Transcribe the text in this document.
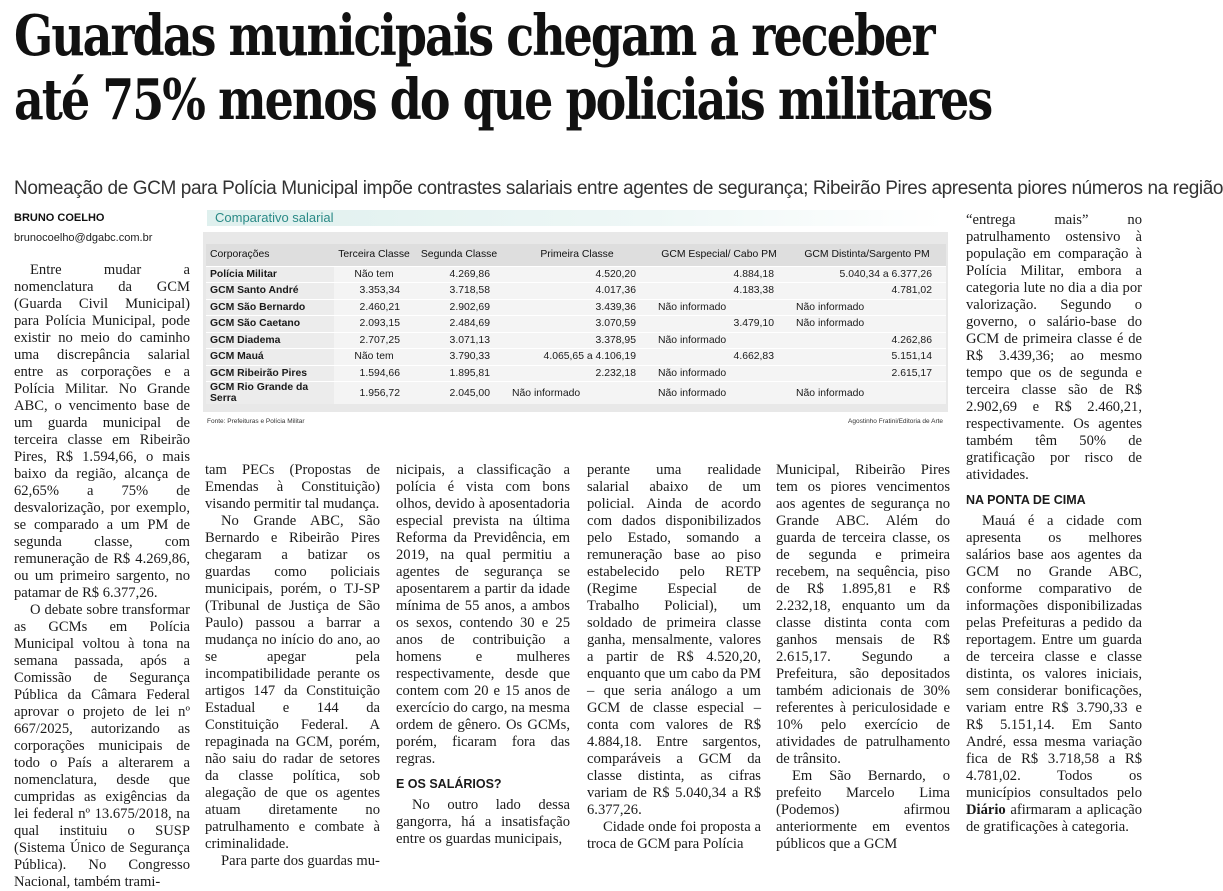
Guardas municipais chegam a receber
até 75% menos do que policiais militares
Nomeação de GCM para Polícia Municipal impõe contrastes salariais entre agentes de segurança; Ribeirão Pires apresenta piores números na região
BRUNO COELHO
brunocoelho@dgabc.com.br
Comparativo salarial
Corporações	Terceira Classe	Segunda Classe	Primeira Classe	GCM Especial/ Cabo PM	GCM Distinta/Sargento PM
Polícia Militar	Não tem	4.269,86	4.520,20	4.884,18	5.040,34 a 6.377,26
GCM Santo André	3.353,34	3.718,58	4.017,36	4.183,38	4.781,02
GCM São Bernardo	2.460,21	2.902,69	3.439,36	Não informado	Não informado
GCM São Caetano	2.093,15	2.484,69	3.070,59	3.479,10	Não informado
GCM Diadema	2.707,25	3.071,13	3.378,95	Não informado	4.262,86
GCM Mauá	Não tem	3.790,33	4.065,65 a 4.106,19	4.662,83	5.151,14
GCM Ribeirão Pires	1.594,66	1.895,81	2.232,18	Não informado	2.615,17
GCM Rio Grande da Serra	1.956,72	2.045,00	Não informado	Não informado	Não informado
Fonte: Prefeituras e Polícia Militar	Agostinho Fratini/Editoria de Arte

Entre mudar a nomenclatura da GCM (Guarda Civil Municipal) para Polícia Municipal, pode existir no meio do caminho uma discrepância salarial entre as corporações e a Polícia Militar. No Grande ABC, o vencimento base de um guarda municipal de terceira classe em Ribeirão Pires, R$ 1.594,66, o mais baixo da região, alcança de 62,65% a 75% de desvalorização, por exemplo, se comparado a um PM de segunda classe, com remuneração de R$ 4.269,86, ou um primeiro sargento, no patamar de R$ 6.377,26.

O debate sobre transformar as GCMs em Polícia Municipal voltou à tona na semana passada, após a Comissão de Segurança Pública da Câmara Federal aprovar o projeto de lei nº 667/2025, autorizando as corporações municipais de todo o País a alterarem a nomenclatura, desde que cumpridas as exigências da lei federal nº 13.675/2018, na qual instituiu o SUSP (Sistema Único de Segurança Pública). No Congresso Nacional, também trami-

tam PECs (Propostas de Emendas à Constituição) visando permitir tal mudança.

No Grande ABC, São Bernardo e Ribeirão Pires chegaram a batizar os guardas como policiais municipais, porém, o TJ-SP (Tribunal de Justiça de São Paulo) passou a barrar a mudança no início do ano, ao se apegar pela incompatibilidade perante os artigos 147 da Constituição Estadual e 144 da Constituição Federal. A repaginada na GCM, porém, não saiu do radar de setores da classe política, sob alegação de que os agentes atuam diretamente no patrulhamento e combate à criminalidade.

Para parte dos guardas mu-

nicipais, a classificação a polícia é vista com bons olhos, devido à aposentadoria especial prevista na última Reforma da Previdência, em 2019, na qual permitiu a agentes de segurança se aposentarem a partir da idade mínima de 55 anos, a ambos os sexos, contendo 30 e 25 anos de contribuição a homens e mulheres respectivamente, desde que contem com 20 e 15 anos de exercício do cargo, na mesma ordem de gênero. Os GCMs, porém, ficaram fora das regras.

E OS SALÁRIOS?

No outro lado dessa gangorra, há a insatisfação entre os guardas municipais,

perante uma realidade salarial abaixo de um policial. Ainda de acordo com dados disponibilizados pelo Estado, somando a remuneração base ao piso estabelecido pelo RETP (Regime Especial de Trabalho Policial), um soldado de primeira classe ganha, mensalmente, valores a partir de R$ 4.520,20, enquanto que um cabo da PM – que seria análogo a um GCM de classe especial – conta com valores de R$ 4.884,18. Entre sargentos, comparáveis a GCM da classe distinta, as cifras variam de R$ 5.040,34 a R$ 6.377,26.

Cidade onde foi proposta a troca de GCM para Polícia

Municipal, Ribeirão Pires tem os piores vencimentos aos agentes de segurança no Grande ABC. Além do guarda de terceira classe, os de segunda e primeira recebem, na sequência, piso de R$ 1.895,81 e R$ 2.232,18, enquanto um da classe distinta conta com ganhos mensais de R$ 2.615,17. Segundo a Prefeitura, são depositados também adicionais de 30% referentes à periculosidade e 10% pelo exercício de atividades de patrulhamento de trânsito.

Em São Bernardo, o prefeito Marcelo Lima (Podemos) afirmou anteriormente em eventos públicos que a GCM

“entrega mais” no patrulhamento ostensivo à população em comparação à Polícia Militar, embora a categoria lute no dia a dia por valorização. Segundo o governo, o salário-base do GCM de primeira classe é de R$ 3.439,36; ao mesmo tempo que os de segunda e terceira classe são de R$ 2.902,69 e R$ 2.460,21, respectivamente. Os agentes também têm 50% de gratificação por risco de atividades.

NA PONTA DE CIMA

Mauá é a cidade com apresenta os melhores salários base aos agentes da GCM no Grande ABC, conforme comparativo de informações disponibilizadas pelas Prefeituras a pedido da reportagem. Entre um guarda de terceira classe e classe distinta, os valores iniciais, sem considerar bonificações, variam entre R$ 3.790,33 e R$ 5.151,14. Em Santo André, essa mesma variação fica de R$ 3.718,58 a R$ 4.781,02. Todos os municípios consultados pelo Diário afirmaram a aplicação de gratificações à categoria.
